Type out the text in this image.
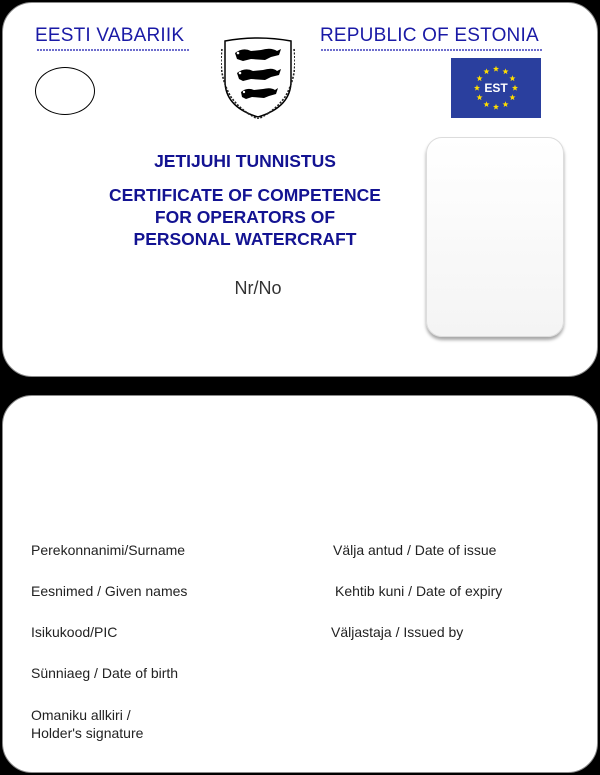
EESTI VABARIIK	REPUBLIC OF ESTONIA
EST
JETIJUHI TUNNISTUS
CERTIFICATE OF COMPETENCE
FOR OPERATORS OF
PERSONAL WATERCRAFT
Nr/No
Perekonnanimi/Surname
Eesnimed / Given names
Isikukood/PIC
Sünniaeg / Date of birth
Omaniku allkiri /
Holder's signature
Välja antud / Date of issue
Kehtib kuni / Date of expiry
Väljastaja / Issued by
